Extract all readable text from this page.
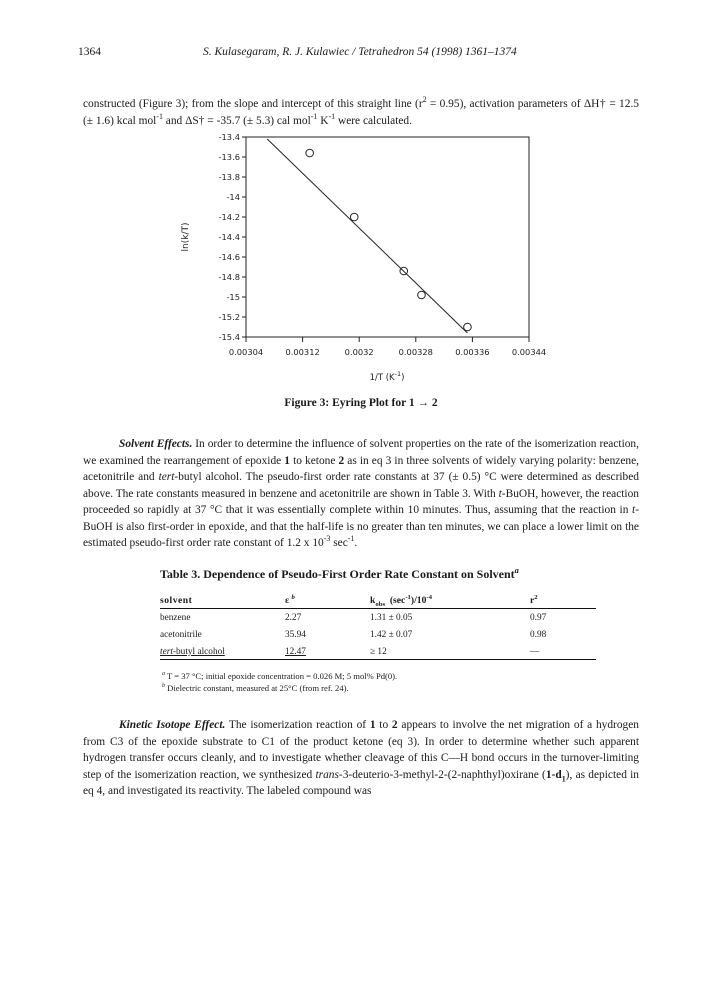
1364	S. Kulasegaram, R. J. Kulawiec / Tetrahedron 54 (1998) 1361–1374
constructed (Figure 3); from the slope and intercept of this straight line $(r^2 = 0.95)$, activation parameters of ΔH† = 12.5 (± 1.6) kcal mol$^{-1}$ and ΔS† = -35.7 (± 5.3) cal mol$^{-1}$ $K^{-1}$ were calculated.
-13.4
-13.6
-13.8
-14
-14.2
-14.4
-14.6
-14.8
-15
-15.2
-15.4
0.00304	0.00312	0.0032	0.00328	0.00336	0.00344
ln(k/T)
1/T $(K^{-1})$
Figure 3: Eyring Plot for 1 → 2
Solvent Effects. In order to determine the influence of solvent properties on the rate of the isomerization reaction, we examined the rearrangement of epoxide 1 to ketone 2 as in eq 3 in three solvents of widely varying polarity: benzene, acetonitrile and tert-butyl alcohol. The pseudo-first order rate constants at 37 (± 0.5) °C were determined as described above. The rate constants measured in benzene and acetonitrile are shown in Table 3. With t-BuOH, however, the reaction proceeded so rapidly at 37 °C that it was essentially complete within 10 minutes. Thus, assuming that the reaction in t-BuOH is also first-order in epoxide, and that the half-life is no greater than ten minutes, we can place a lower limit on the estimated pseudo-first order rate constant of 1.2 x $10^{-3}$ $\sec^{-1}$.
Table 3. Dependence of Pseudo-First Order Rate Constant on Solvent$^a$
solvent	ε $^b$	$k_{obs}$  $(\sec^{-1})/10^{-4}$	$r^2$
benzene	2.27	1.31 ± 0.05	0.97
acetonitrile	35.94	1.42 ± 0.07	0.98
tert-butyl alcohol	12.47	≥ 12	—
$^a$ T = 37 °C; initial epoxide concentration = 0.026 M; 5 mol% Pd(0).
$^b$ Dielectric constant, measured at 25°C (from ref. 24).
Kinetic Isotope Effect. The isomerization reaction of 1 to 2 appears to involve the net migration of a hydrogen from C3 of the epoxide substrate to C1 of the product ketone (eq 3). In order to determine whether such apparent hydrogen transfer occurs cleanly, and to investigate whether cleavage of this C—H bond occurs in the turnover-limiting step of the isomerization reaction, we synthesized trans-3-deuterio-3-methyl-2-(2-naphthyl)oxirane $(1-d_1)$, as depicted in eq 4, and investigated its reactivity. The labeled compound was
